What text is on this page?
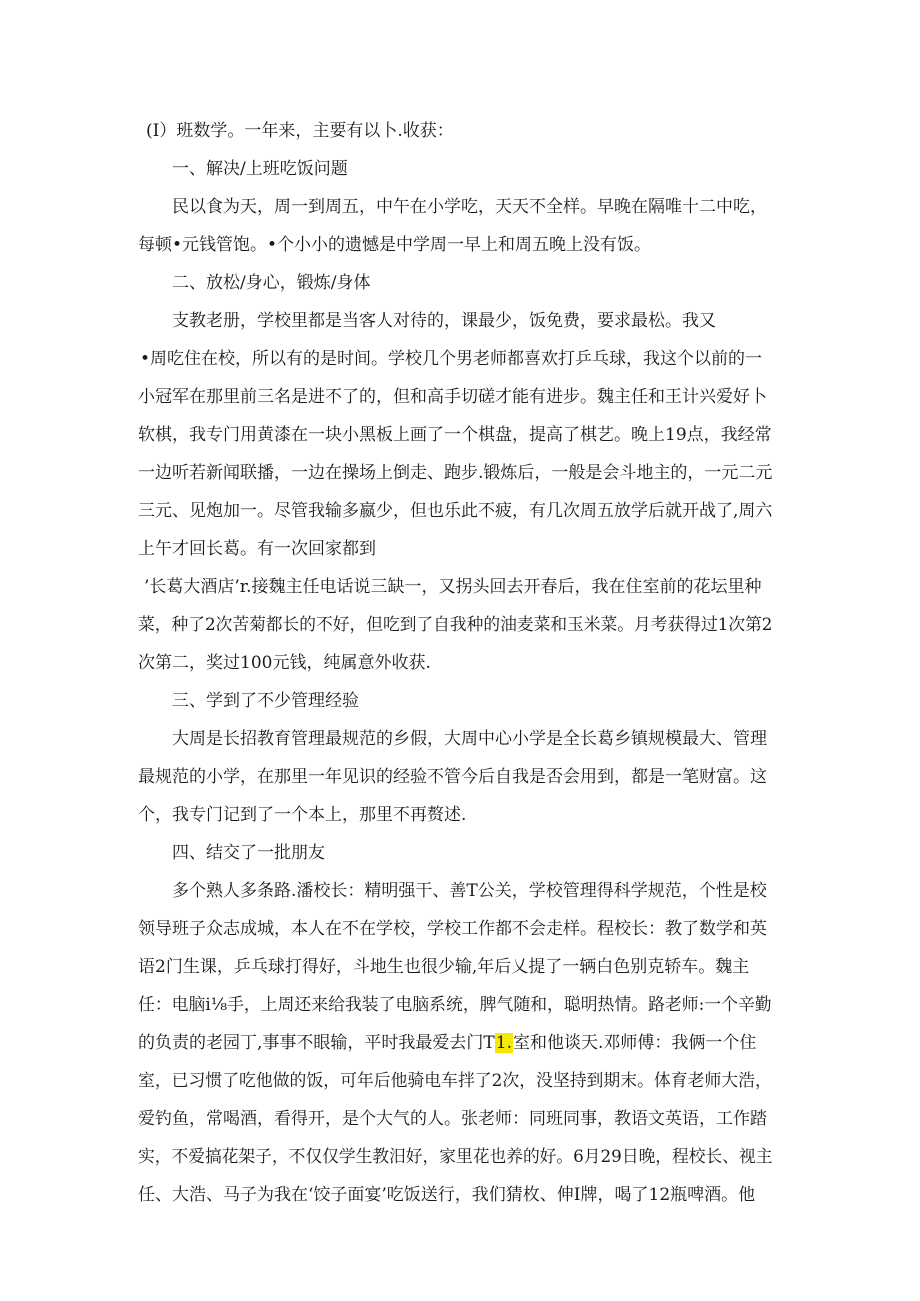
(I）班数学。一年来，主要有以卜.收获：
一、解决/上班吃饭问题
民以食为天，周一到周五，中午在小学吃，天天不全样。早晚在隔唯十二中吃，
每顿•元钱管饱。•个小小的遗憾是中学周一早上和周五晚上没有饭。
二、放松/身心，锻炼/身体
支教老册，学校里都是当客人对待的，课最少，饭免费，要求最松。我又
•周吃住在校，所以有的是时间。学校几个男老师都喜欢打乒乓球，我这个以前的一
小冠军在那里前三名是进不了的，但和高手切磋才能有进步。魏主任和王计兴爱好卜
软棋，我专门用黄漆在一块小黑板上画了一个棋盘，提高了棋艺。晚上19点，我经常
一边听若新闻联播，一边在操场上倒走、跑步.锻炼后，一般是会斗地主的，一元二元
三元、见炮加一。尽管我输多嬴少，但也乐此不疲，有几次周五放学后就开战了,周六
上午才回长葛。有一次回家都到
’长葛大酒店’r.接魏主任电话说三缺一，又拐头回去开春后，我在住室前的花坛里种
菜，种了2次苦菊都长的不好，但吃到了自我种的油麦菜和玉米菜。月考获得过1次第2
次第二，奖过100元钱，纯属意外收获.
三、学到了不少管理经验
大周是长招教育管理最规范的乡假，大周中心小学是全长葛乡镇规模最大、管理
最规范的小学，在那里一年见识的经验不管今后自我是否会用到，都是一笔财富。这
个，我专门记到了一个本上，那里不再赘述.
四、结交了一批朋友
多个熟人多条路.潘校长：精明强干、善T公关，学校管理得科学规范，个性是校
领导班子众志成城，本人在不在学校，学校工作都不会走样。程校长：教了数学和英
语2门生课，乒乓球打得好，斗地生也很少输,年后乂提了一辆白色别克轿车。魏主
任：电脑i⅛手，上周还来给我装了电脑系统，脾气随和，聪明热情。路老师:一个辛勤
的负责的老园丁,事事不眼输，平时我最爱去门T1.室和他谈天.邓师傅：我俩一个住
室，已习惯了吃他做的饭，可年后他骑电车拌了2次，没坚持到期末。体育老师大浩，
爱钓鱼，常喝酒，看得开，是个大气的人。张老师：同班同事，教语文英语，工作踏
实，不爱搞花架子，不仅仅学生教汨好，家里花也养的好。6月29日晚，程校长、视主
任、大浩、马子为我在‘饺子面宴’吃饭送行，我们猜枚、伸I牌，喝了12瓶啤酒。他
